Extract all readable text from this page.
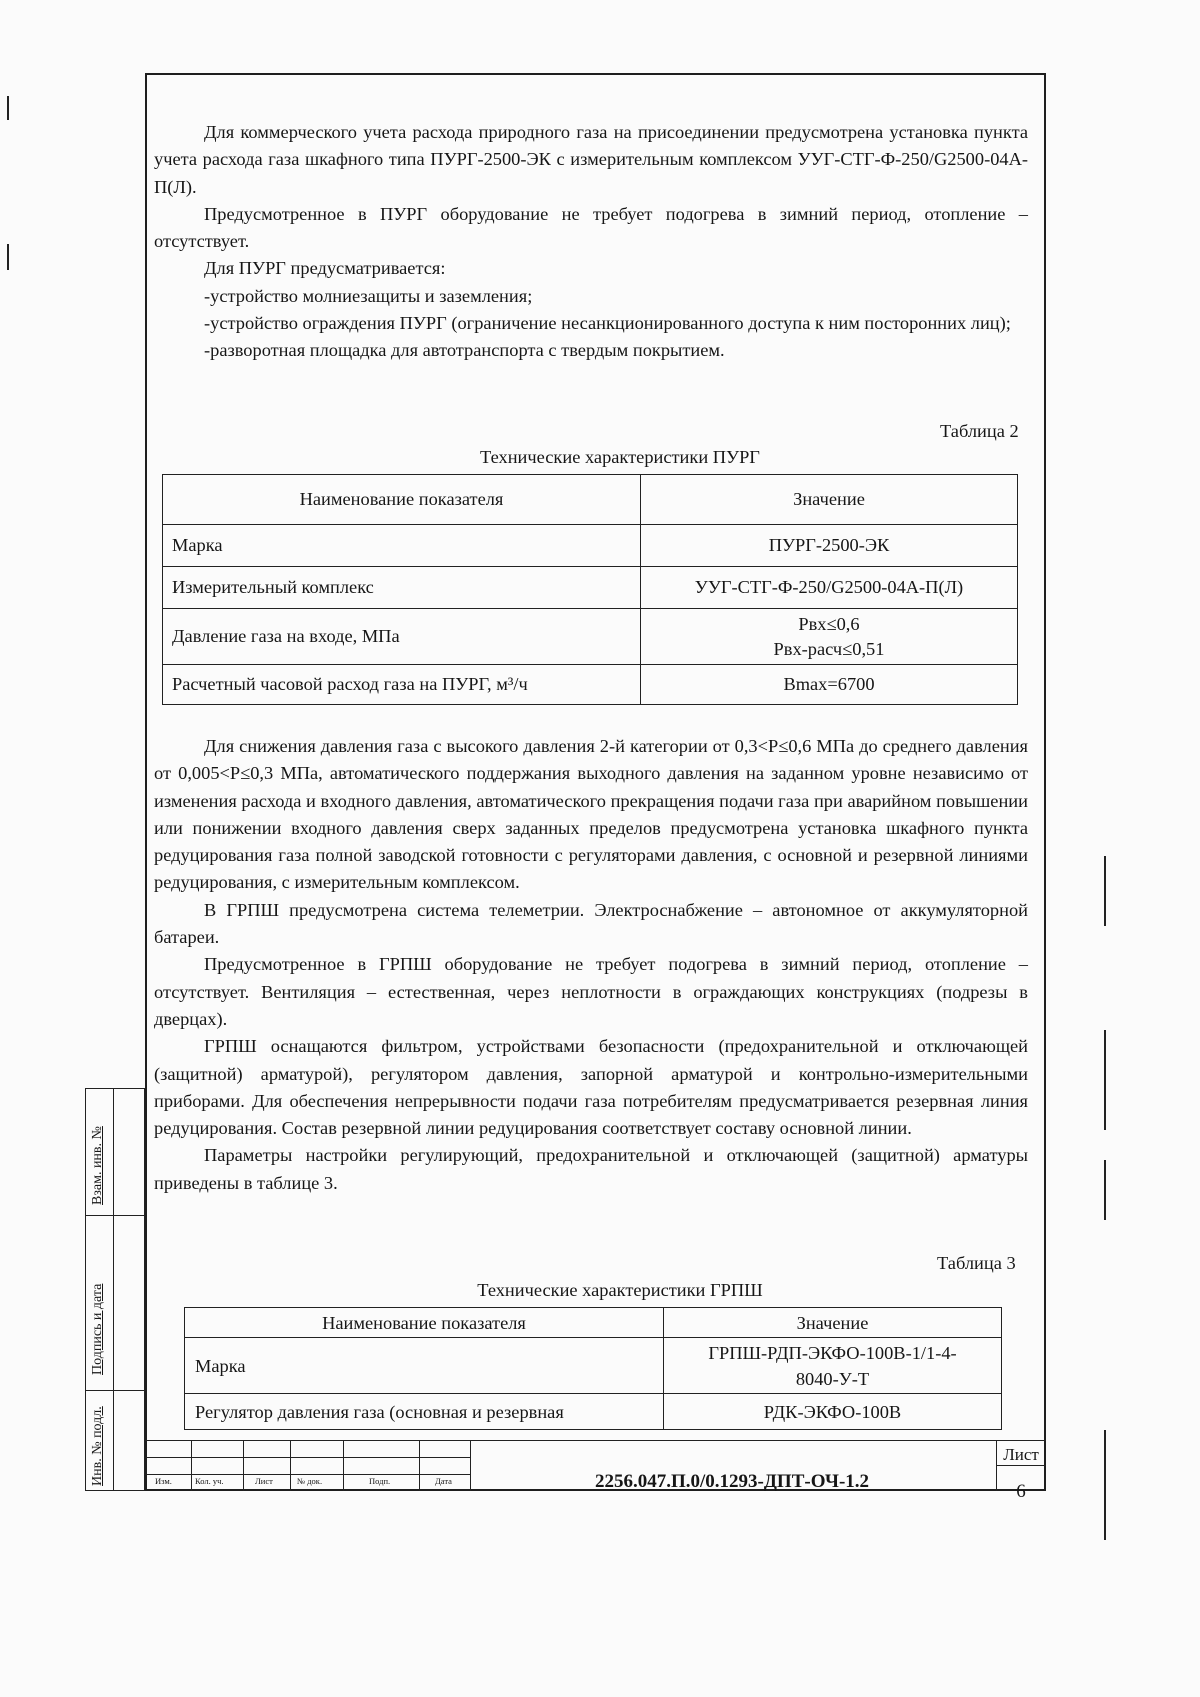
Для коммерческого учета расхода природного газа на присоединении предусмотрена установка пункта учета расхода газа шкафного типа ПУРГ-2500-ЭК с измерительным комплексом УУГ-СТГ-Ф-250/G2500-04А-П(Л).

Предусмотренное в ПУРГ оборудование не требует подогрева в зимний период, отопление – отсутствует.

Для ПУРГ предусматривается:

-устройство молниезащиты и заземления;

-устройство ограждения ПУРГ (ограничение несанкционированного доступа к ним посторонних лиц);

-разворотная площадка для автотранспорта с твердым покрытием.

Таблица 2
Технические характеристики ПУРГ
Наименование показателя	Значение
Марка	ПУРГ-2500-ЭК
Измерительный комплекс	УУГ-СТГ-Ф-250/G2500-04А-П(Л)
Давление газа на входе, МПа	Pвх≤0,6
Pвх-расч≤0,51

Расчетный часовой расход газа на ПУРГ, м³/ч	Bmax=6700

Для снижения давления газа с высокого давления 2-й категории от 0,3<P≤0,6 МПа до среднего давления от 0,005<P≤0,3 МПа, автоматического поддержания выходного давления на заданном уровне независимо от изменения расхода и входного давления, автоматического прекращения подачи газа при аварийном повышении или понижении входного давления сверх заданных пределов предусмотрена установка шкафного пункта редуцирования газа полной заводской готовности с регуляторами давления, с основной и резервной линиями редуцирования, с измерительным комплексом.

В ГРПШ предусмотрена система телеметрии. Электроснабжение – автономное от аккумуляторной батареи.

Предусмотренное в ГРПШ оборудование не требует подогрева в зимний период, отопление – отсутствует. Вентиляция – естественная, через неплотности в ограждающих конструкциях (подрезы в дверцах).

ГРПШ оснащаются фильтром, устройствами безопасности (предохранительной и отключающей (защитной) арматурой), регулятором давления, запорной арматурой и контрольно-измерительными приборами. Для обеспечения непрерывности подачи газа потребителям предусматривается резервная линия редуцирования. Состав резервной линии редуцирования соответствует составу основной линии.

Параметры настройки регулирующий, предохранительной и отключающей (защитной) арматуры приведены в таблице 3.

Таблица 3
Технические характеристики ГРПШ
Наименование показателя	Значение
Марка	ГРПШ-РДП-ЭКФО-100В-1/1-4-
8040-У-Т

Регулятор давления газа (основная и резервная	РДК-ЭКФО-100В
Изм.	Кол. уч.	Лист	№ док.	Подп.	Дата	2256.047.П.0/0.1293-ДПТ-ОЧ-1.2
Лист
6
Взам. инв. №
Подпись и дата
Инв. № подл.
